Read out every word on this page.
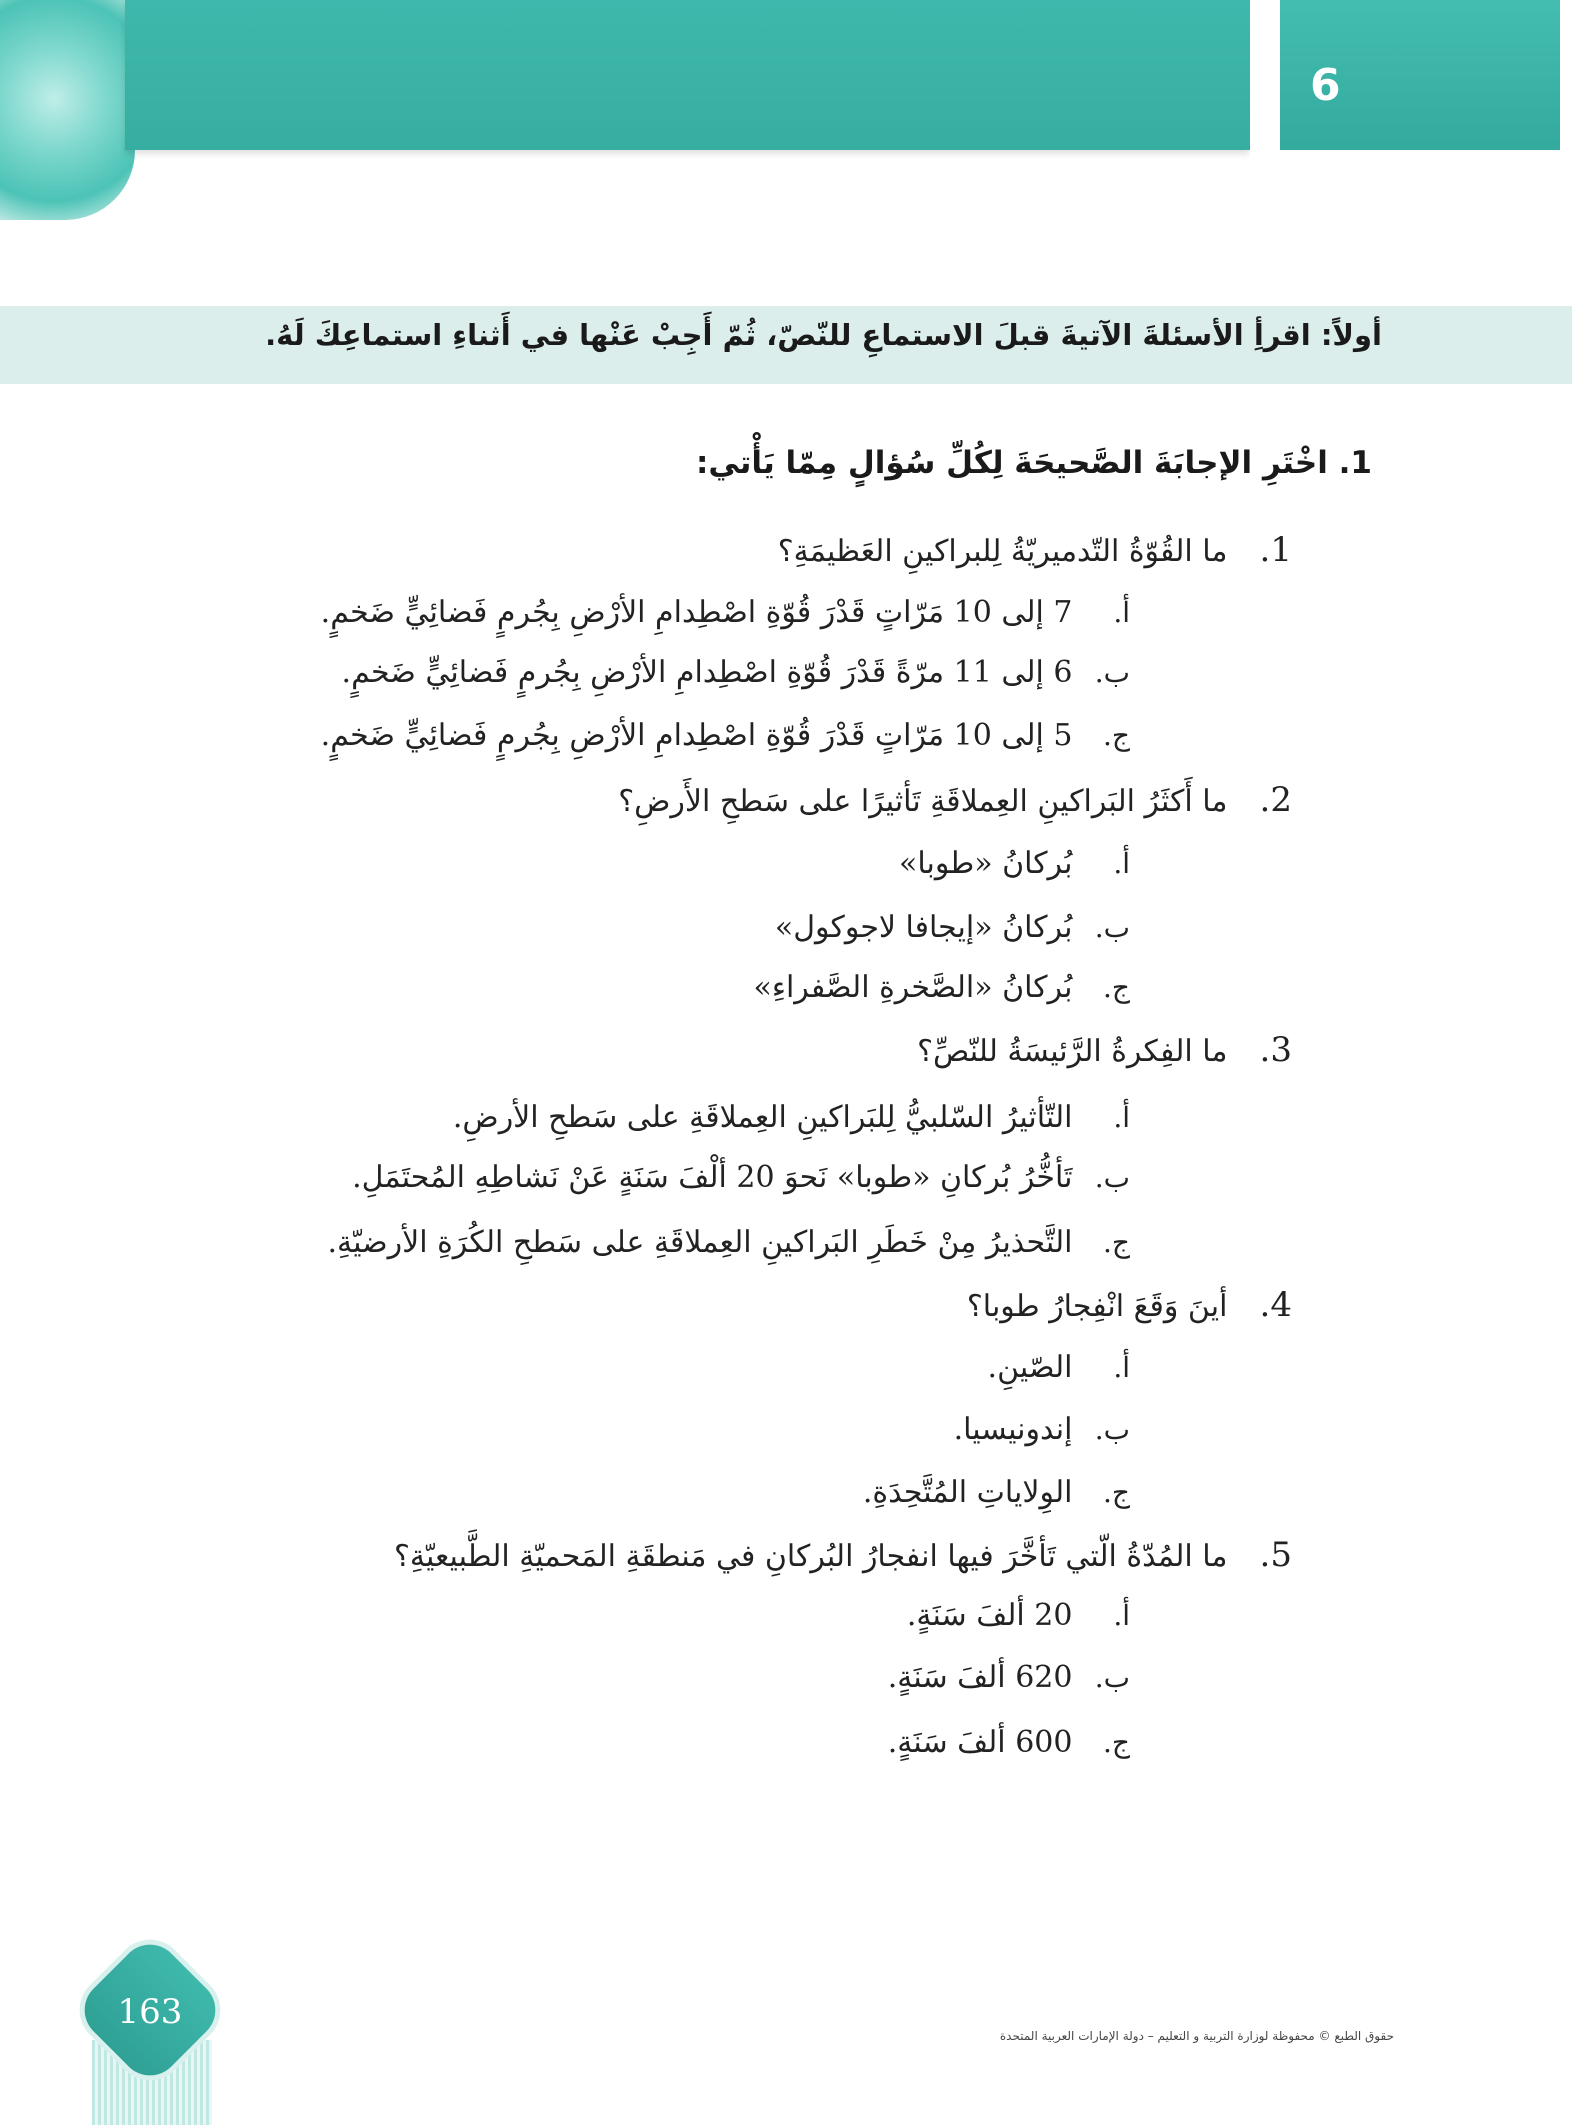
6
أولاً: اقرأِ الأسئلةَ الآتيةَ قبلَ الاستماعِ للنّصّ، ثُمّ أَجِبْ عَنْها في أَثناءِ استماعِكَ لَهُ.
1. اخْتَرِ الإجابَةَ الصَّحيحَةَ لِكُلِّ سُؤالٍ مِمّا يَأْتي:
1. ما القُوّةُ التّدميريّةُ لِلبراكينِ العَظيمَةِ؟
أ. 7 إلى 10 مَرّاتٍ قَدْرَ قُوّةِ اصْطِدامِ الأرْضِ بِجُرمٍ فَضائِيٍّ ضَخمٍ.
ب. 6 إلى 11 مرّةً قَدْرَ قُوّةِ اصْطِدامِ الأرْضِ بِجُرمٍ فَضائِيٍّ ضَخمٍ.
ج. 5 إلى 10 مَرّاتٍ قَدْرَ قُوّةِ اصْطِدامِ الأرْضِ بِجُرمٍ فَضائِيٍّ ضَخمٍ.
2. ما أَكثَرُ البَراكينِ العِملاقَةِ تَأثيرًا على سَطحِ الأَرضِ؟
أ. بُركانُ «طوبا»
ب. بُركانُ «إيجافا لاجوكول»
ج. بُركانُ «الصَّخرةِ الصَّفراءِ»
3. ما الفِكرةُ الرَّئيسَةُ للنّصِّ؟
أ. التّأثيرُ السّلبيُّ لِلبَراكينِ العِملاقَةِ على سَطحِ الأرضِ.
ب. تَأخُّرُ بُركانِ «طوبا» نَحوَ 20 ألْفَ سَنَةٍ عَنْ نَشاطِهِ المُحتَمَلِ.
ج. التَّحذيرُ مِنْ خَطَرِ البَراكينِ العِملاقَةِ على سَطحِ الكُرَةِ الأرضيّةِ.
4. أينَ وَقَعَ انْفِجارُ طوبا؟
أ. الصّينِ.
ب. إندونيسيا.
ج. الوِلاياتِ المُتَّحِدَةِ.
5. ما المُدّةُ الّتي تَأخَّرَ فيها انفجارُ البُركانِ في مَنطقَةِ المَحميّةِ الطَّبيعيّةِ؟
أ. 20 ألفَ سَنَةٍ.
ب. 620 ألفَ سَنَةٍ.
ج. 600 ألفَ سَنَةٍ.
163
حقوق الطبع © محفوظة لوزارة التربية و التعليم – دولة الإمارات العربية المتحدة
